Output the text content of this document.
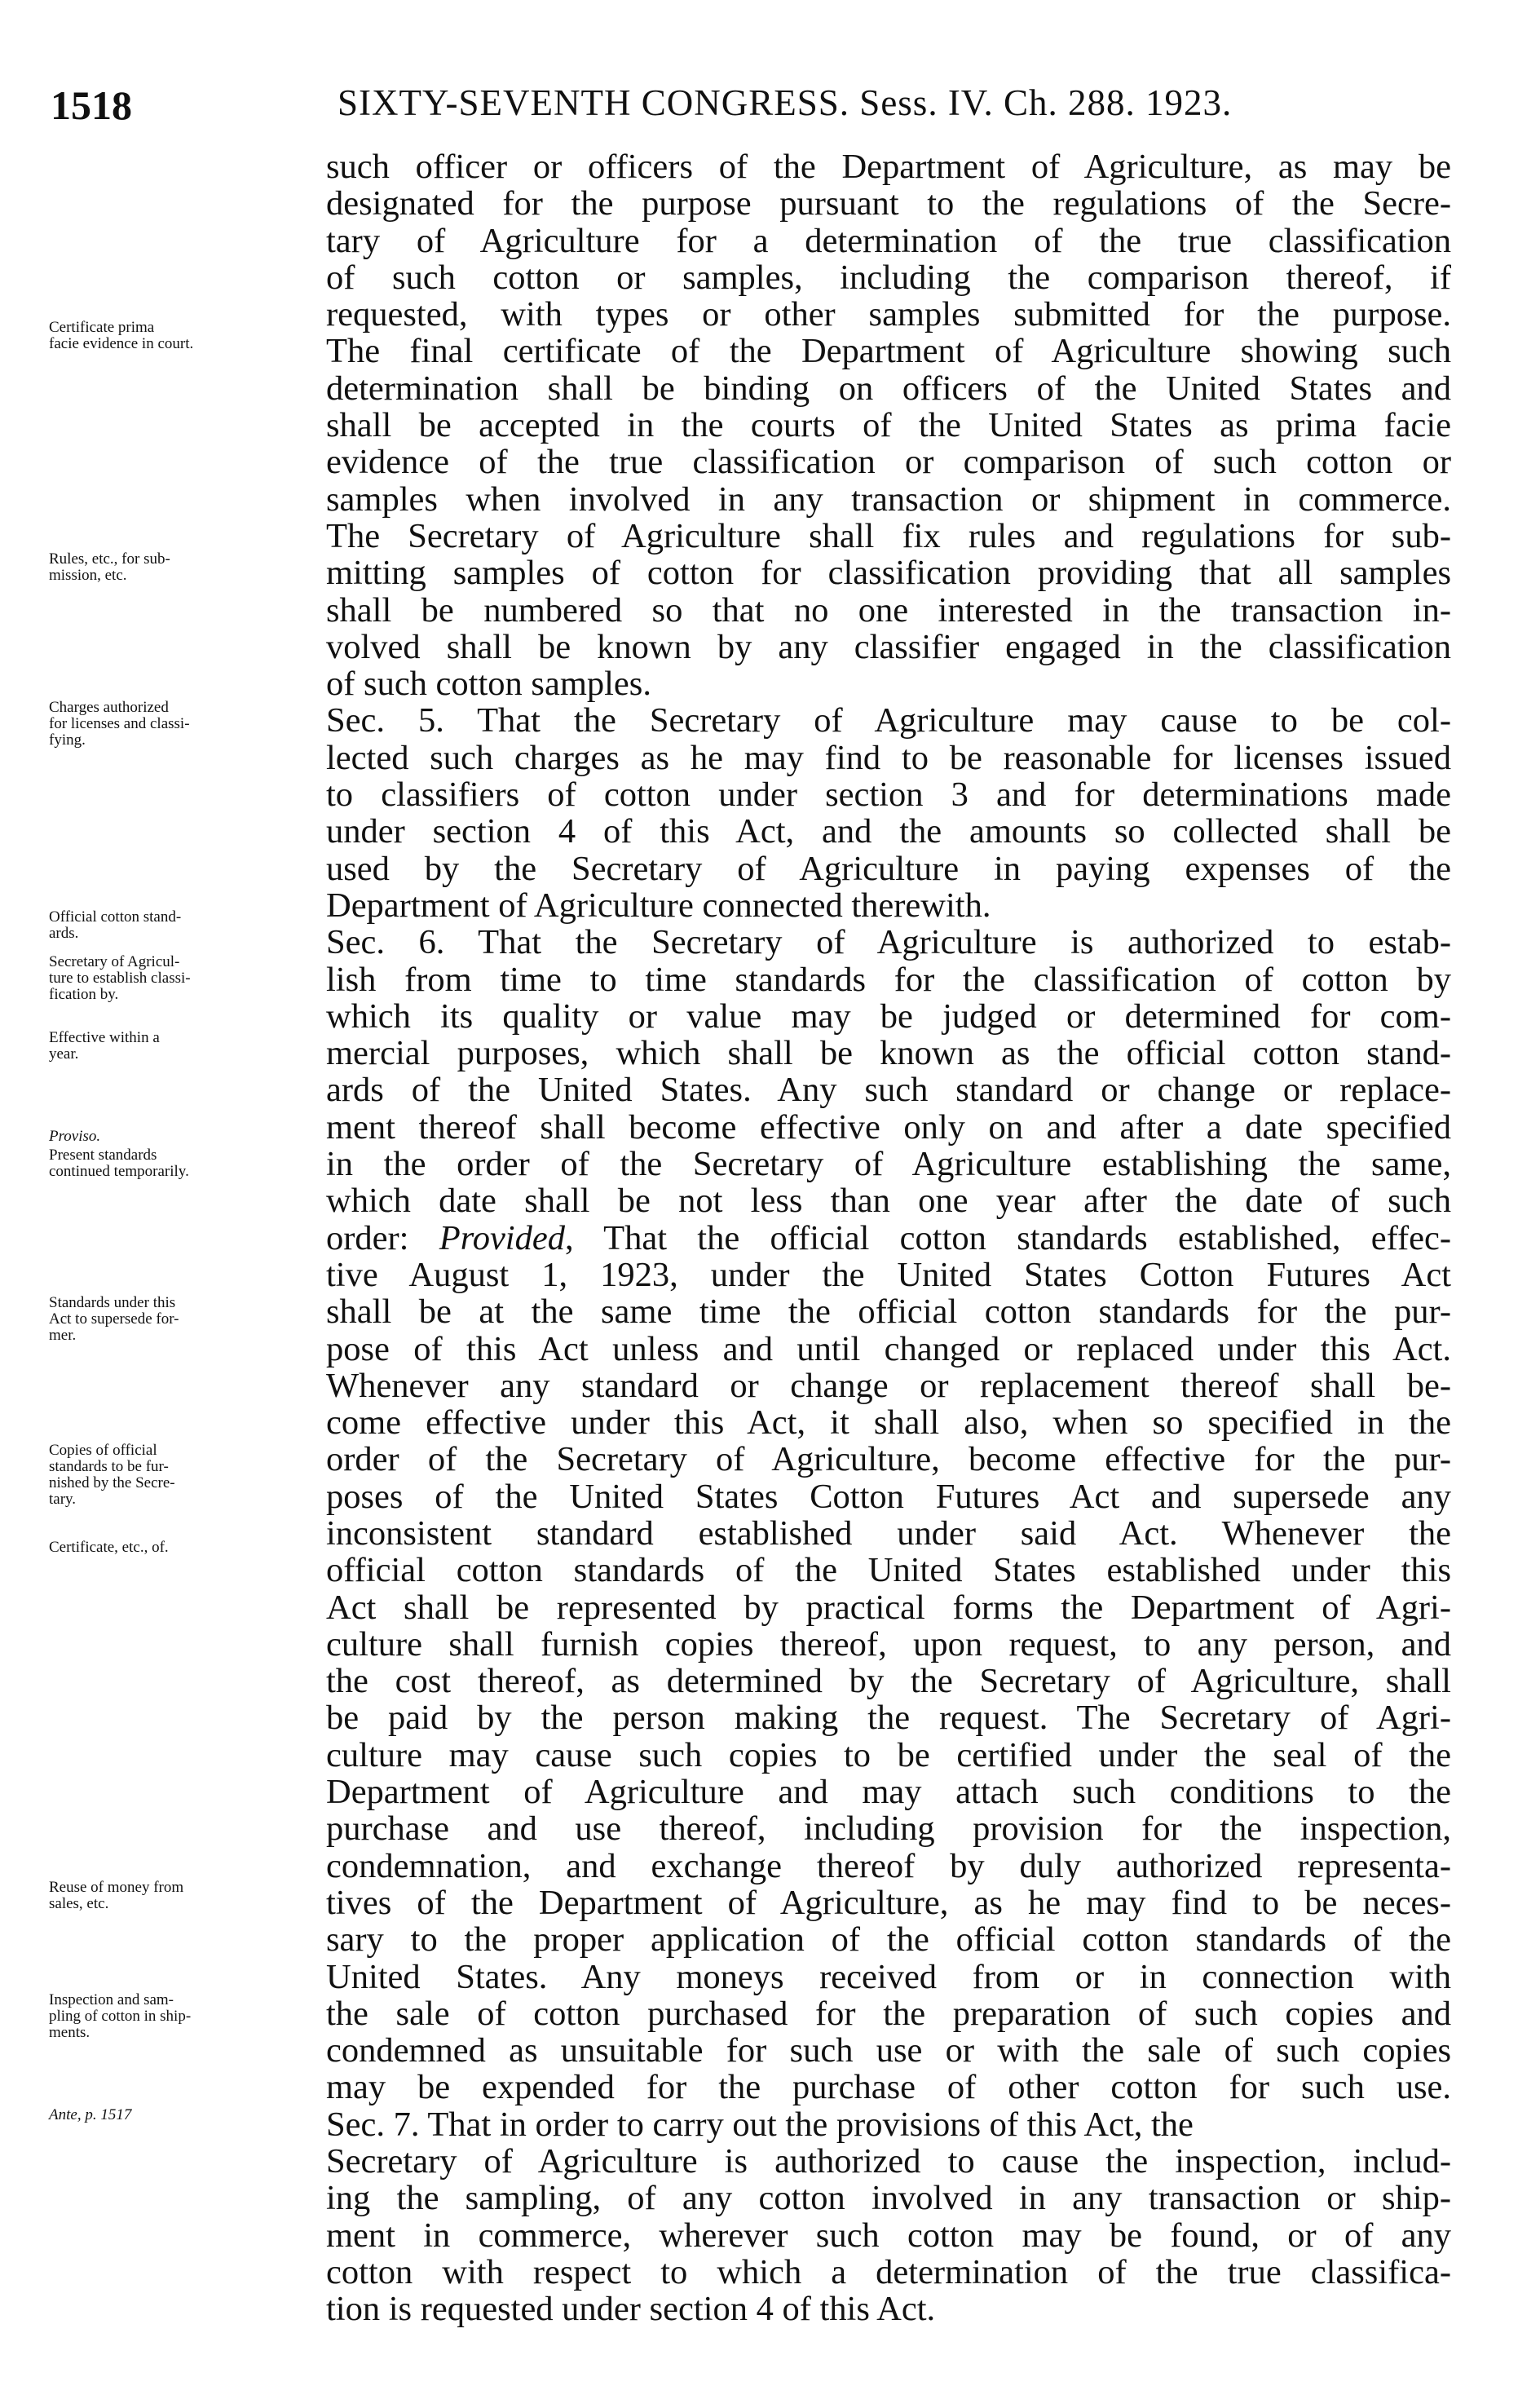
1518	SIXTY-SEVENTH CONGRESS. Sess. IV. Ch. 288. 1923.
Certificate prima
facie evidence in court.
Rules, etc., for sub-
mission, etc.
Charges authorized
for licenses and classi-
fying.
Official cotton stand-
ards.
Secretary of Agricul-
ture to establish classi-
fication by.
Effective within a
year.
Proviso.
Present standards
continued temporarily.
Standards under this
Act to supersede for-
mer.
Copies of official
standards to be fur-
nished by the Secre-
tary.
Certificate, etc., of.
Reuse of money from
sales, etc.
Inspection and sam-
pling of cotton in ship-
ments.
Ante, p. 1517
such officer or officers of the Department of Agriculture, as may be
designated for the purpose pursuant to the regulations of the Secre-
tary of Agriculture for a determination of the true classification
of such cotton or samples, including the comparison thereof, if
requested, with types or other samples submitted for the purpose.
The final certificate of the Department of Agriculture showing such
determination shall be binding on officers of the United States and
shall be accepted in the courts of the United States as prima facie
evidence of the true classification or comparison of such cotton or
samples when involved in any transaction or shipment in commerce.
The Secretary of Agriculture shall fix rules and regulations for sub-
mitting samples of cotton for classification providing that all samples
shall be numbered so that no one interested in the transaction in-
volved shall be known by any classifier engaged in the classification
of such cotton samples.
Sec. 5. That the Secretary of Agriculture may cause to be col-
lected such charges as he may find to be reasonable for licenses issued
to classifiers of cotton under section 3 and for determinations made
under section 4 of this Act, and the amounts so collected shall be
used by the Secretary of Agriculture in paying expenses of the
Department of Agriculture connected therewith.
Sec. 6. That the Secretary of Agriculture is authorized to estab-
lish from time to time standards for the classification of cotton by
which its quality or value may be judged or determined for com-
mercial purposes, which shall be known as the official cotton stand-
ards of the United States. Any such standard or change or replace-
ment thereof shall become effective only on and after a date specified
in the order of the Secretary of Agriculture establishing the same,
which date shall be not less than one year after the date of such
order: Provided, That the official cotton standards established, effec-
tive August 1, 1923, under the United States Cotton Futures Act
shall be at the same time the official cotton standards for the pur-
pose of this Act unless and until changed or replaced under this Act.
Whenever any standard or change or replacement thereof shall be-
come effective under this Act, it shall also, when so specified in the
order of the Secretary of Agriculture, become effective for the pur-
poses of the United States Cotton Futures Act and supersede any
inconsistent standard established under said Act. Whenever the
official cotton standards of the United States established under this
Act shall be represented by practical forms the Department of Agri-
culture shall furnish copies thereof, upon request, to any person, and
the cost thereof, as determined by the Secretary of Agriculture, shall
be paid by the person making the request. The Secretary of Agri-
culture may cause such copies to be certified under the seal of the
Department of Agriculture and may attach such conditions to the
purchase and use thereof, including provision for the inspection,
condemnation, and exchange thereof by duly authorized representa-
tives of the Department of Agriculture, as he may find to be neces-
sary to the proper application of the official cotton standards of the
United States. Any moneys received from or in connection with
the sale of cotton purchased for the preparation of such copies and
condemned as unsuitable for such use or with the sale of such copies
may be expended for the purchase of other cotton for such use.
Sec. 7. That in order to carry out the provisions of this Act, the
Secretary of Agriculture is authorized to cause the inspection, includ-
ing the sampling, of any cotton involved in any transaction or ship-
ment in commerce, wherever such cotton may be found, or of any
cotton with respect to which a determination of the true classifica-
tion is requested under section 4 of this Act.
